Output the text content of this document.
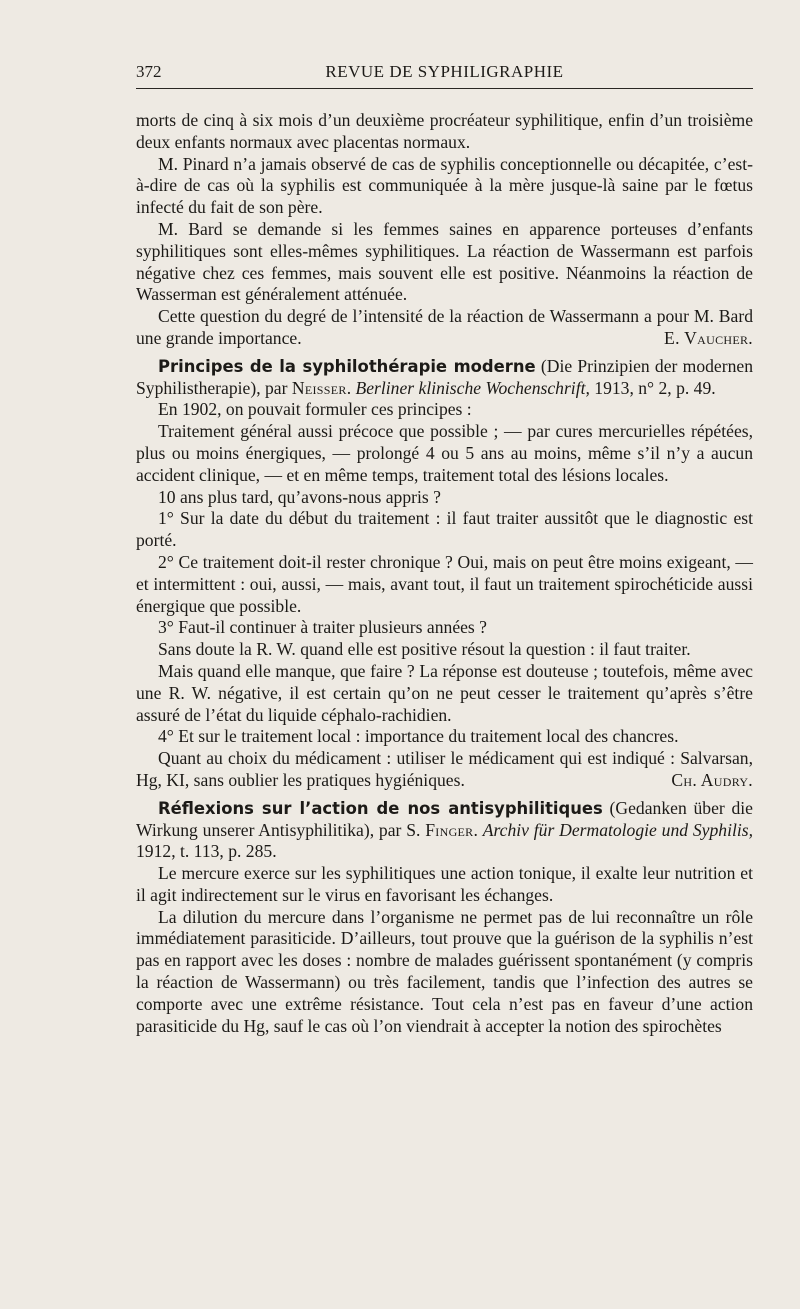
372	REVUE DE SYPHILIGRAPHIE

morts de cinq à six mois d’un deuxième procréateur syphilitique, enfin d’un troisième deux enfants normaux avec placentas normaux.

M. Pinard n’a jamais observé de cas de syphilis conceptionnelle ou décapitée, c’est-à-dire de cas où la syphilis est communiquée à la mère jusque-là saine par le fœtus infecté du fait de son père.

M. Bard se demande si les femmes saines en apparence porteuses d’enfants syphilitiques sont elles-mêmes syphilitiques. La réaction de Wassermann est parfois négative chez ces femmes, mais souvent elle est positive. Néanmoins la réaction de Wasserman est généralement atténuée.

Cette question du degré de l’intensité de la réaction de Wassermann a pour M. Bard une grande importance.	E. Vaucher.

Principes de la syphilothérapie moderne (Die Prinzipien der modernen Syphilistherapie), par Neisser. Berliner klinische Wochenschrift, 1913, n° 2, p. 49.

En 1902, on pouvait formuler ces principes :

Traitement général aussi précoce que possible ; — par cures mercurielles répétées, plus ou moins énergiques, — prolongé 4 ou 5 ans au moins, même s’il n’y a aucun accident clinique, — et en même temps, traitement total des lésions locales.

10 ans plus tard, qu’avons-nous appris ?

1° Sur la date du début du traitement : il faut traiter aussitôt que le diagnostic est porté.

2° Ce traitement doit-il rester chronique ? Oui, mais on peut être moins exigeant, — et intermittent : oui, aussi, — mais, avant tout, il faut un traitement spirochéticide aussi énergique que possible.

3° Faut-il continuer à traiter plusieurs années ?

Sans doute la R. W. quand elle est positive résout la question : il faut traiter.

Mais quand elle manque, que faire ? La réponse est douteuse ; toutefois, même avec une R. W. négative, il est certain qu’on ne peut cesser le traitement qu’après s’être assuré de l’état du liquide céphalo-rachidien.

4° Et sur le traitement local : importance du traitement local des chancres.

Quant au choix du médicament : utiliser le médicament qui est indiqué : Salvarsan, Hg, KI, sans oublier les pratiques hygiéniques.	Ch. Audry.

Réflexions sur l’action de nos antisyphilitiques (Gedanken über die Wirkung unserer Antisyphilitika), par S. Finger. Archiv für Dermatologie und Syphilis, 1912, t. 113, p. 285.

Le mercure exerce sur les syphilitiques une action tonique, il exalte leur nutrition et il agit indirectement sur le virus en favorisant les échanges.

La dilution du mercure dans l’organisme ne permet pas de lui reconnaître un rôle immédiatement parasiticide. D’ailleurs, tout prouve que la guérison de la syphilis n’est pas en rapport avec les doses : nombre de malades guérissent spontanément (y compris la réaction de Wassermann) ou très facilement, tandis que l’infection des autres se comporte avec une extrême résistance. Tout cela n’est pas en faveur d’une action parasiticide du Hg, sauf le cas où l’on viendrait à accepter la notion des spirochètes
